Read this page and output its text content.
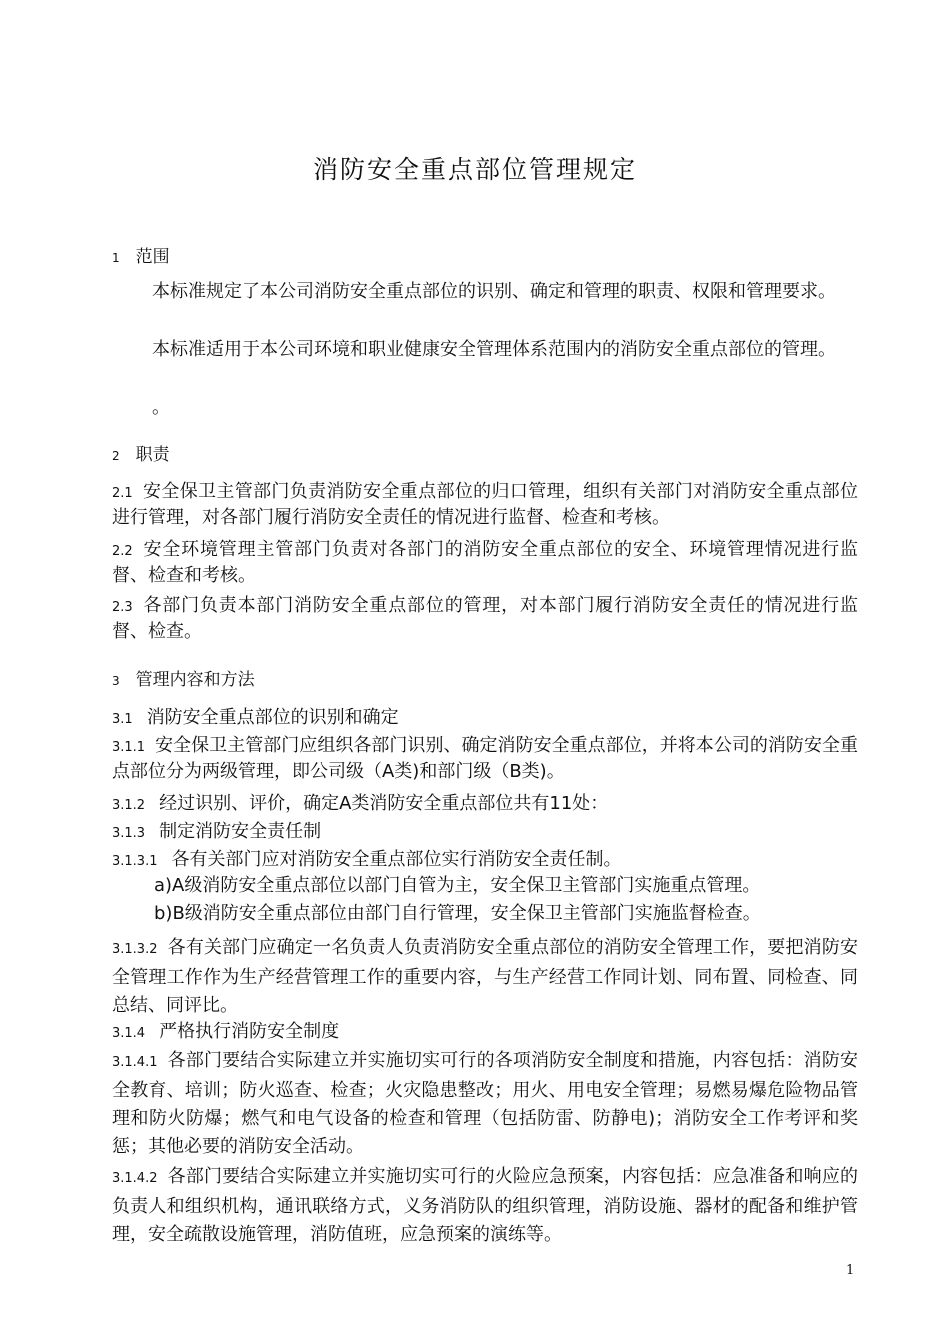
消防安全重点部位管理规定
1 范围
本标准规定了本公司消防安全重点部位的识别、确定和管理的职责、权限和管理要求。
本标准适用于本公司环境和职业健康安全管理体系范围内的消防安全重点部位的管理。
。
2 职责
2.1 安全保卫主管部门负责消防安全重点部位的归口管理，组织有关部门对消防安全重点部位进行管理，对各部门履行消防安全责任的情况进行监督、检查和考核。
2.2 安全环境管理主管部门负责对各部门的消防安全重点部位的安全、环境管理情况进行监督、检查和考核。
2.3 各部门负责本部门消防安全重点部位的管理，对本部门履行消防安全责任的情况进行监督、检查。
3 管理内容和方法
3.1 消防安全重点部位的识别和确定
3.1.1 安全保卫主管部门应组织各部门识别、确定消防安全重点部位，并将本公司的消防安全重点部位分为两级管理，即公司级（A类)和部门级（B类)。
3.1.2 经过识别、评价，确定A类消防安全重点部位共有11处：
3.1.3 制定消防安全责任制
3.1.3.1 各有关部门应对消防安全重点部位实行消防安全责任制。
a)A级消防安全重点部位以部门自管为主，安全保卫主管部门实施重点管理。
b)B级消防安全重点部位由部门自行管理，安全保卫主管部门实施监督检查。
3.1.3.2 各有关部门应确定一名负责人负责消防安全重点部位的消防安全管理工作，要把消防安全管理工作作为生产经营管理工作的重要内容，与生产经营工作同计划、同布置、同检查、同总结、同评比。
3.1.4 严格执行消防安全制度
3.1.4.1 各部门要结合实际建立并实施切实可行的各项消防安全制度和措施，内容包括：消防安全教育、培训；防火巡查、检查；火灾隐患整改；用火、用电安全管理；易燃易爆危险物品管理和防火防爆；燃气和电气设备的检查和管理（包括防雷、防静电)；消防安全工作考评和奖惩；其他必要的消防安全活动。
3.1.4.2 各部门要结合实际建立并实施切实可行的火险应急预案，内容包括：应急准备和响应的负责人和组织机构，通讯联络方式，义务消防队的组织管理，消防设施、器材的配备和维护管理，安全疏散设施管理，消防值班，应急预案的演练等。
1
